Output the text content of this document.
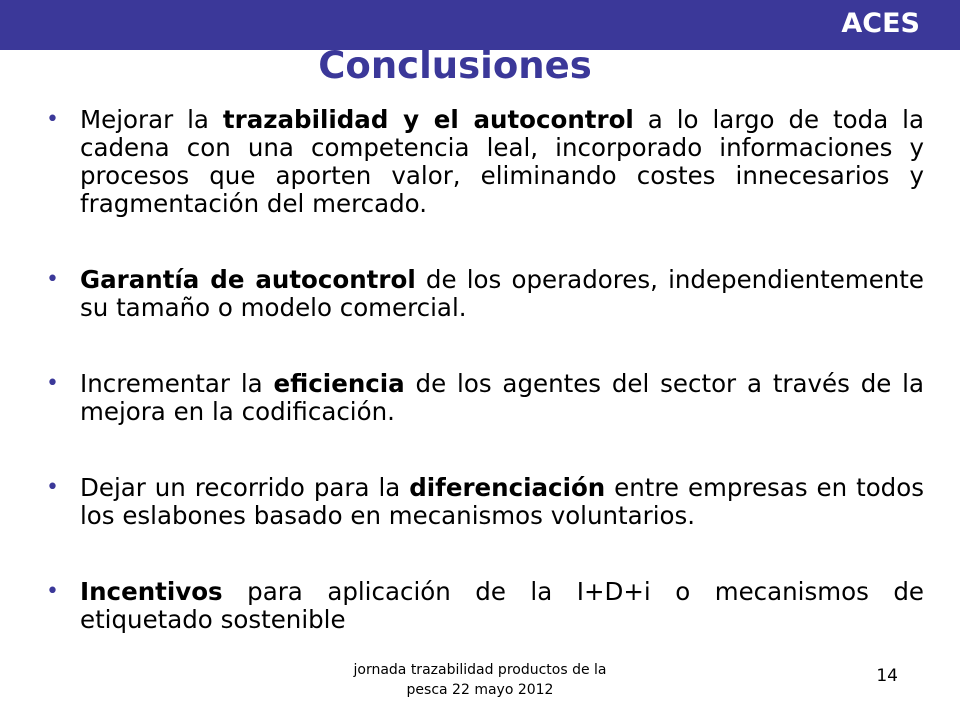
ACES
Conclusiones
• Mejorar la trazabilidad y el autocontrol a lo largo de toda la cadena con una competencia leal, incorporado informaciones y procesos que aporten valor, eliminando costes innecesarios y fragmentación del mercado.
• Garantía de autocontrol de los operadores, independientemente su tamaño o modelo comercial.
• Incrementar la eficiencia de los agentes del sector a través de la mejora en la codificación.
• Dejar un recorrido para la diferenciación entre empresas en todos los eslabones basado en mecanismos voluntarios.
• Incentivos para aplicación de la I+D+i o mecanismos de etiquetado sostenible
jornada trazabilidad productos de la
pesca 22 mayo 2012
14
